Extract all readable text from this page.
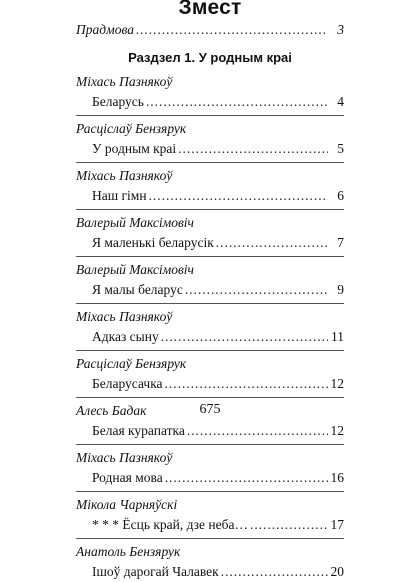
Змест
Прадмова . . .	3
Раздзел 1. У родным краі
Міхась Пазнякоў
Беларусь . . .	4
Расціслаў Бензярук
У родным краі . . .	5
Міхась Пазнякоў
Наш гімн . . .	6
Валерый Максімовіч
Я маленькі беларусік . . .	7
Валерый Максімовіч
Я малы беларус . . .	9
Міхась Пазнякоў
Адказ сыну . . .	11
Расціслаў Бензярук
Беларусачка . . .	12
Алесь Бадак
Белая курапатка . . .	12
Міхась Пазнякоў
Родная мова . . .	16
Мікола Чарняўскі
* * * Ёсць край, дзе неба… . . .	17
Анатоль Бензярук
Ішоў дарогай Чалавек . . .	20
675
